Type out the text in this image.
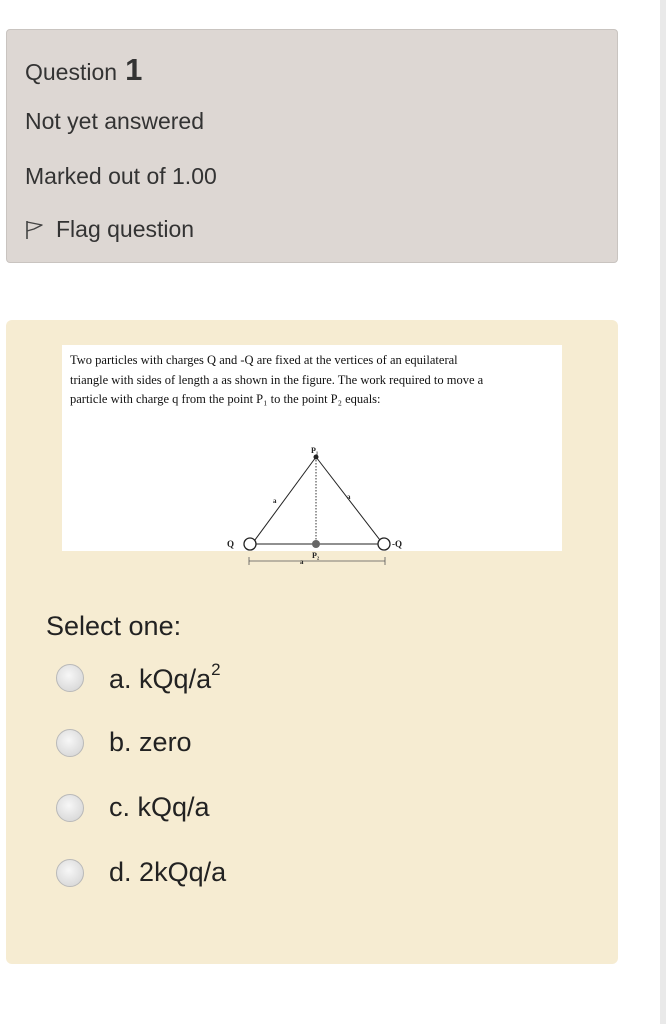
Question 1
Not yet answered
Marked out of 1.00
Flag question
Two particles with charges Q and -Q are fixed at the vertices of an equilateral
triangle with sides of length a as shown in the figure. The work required to move a
particle with charge q from the point P₁ to the point P₂ equals:
P₁
P₂
Q	-Q
a	a
a
Select one:
a. kQq/$a^2$
b. zero
c. kQq/a
d. 2kQq/a
